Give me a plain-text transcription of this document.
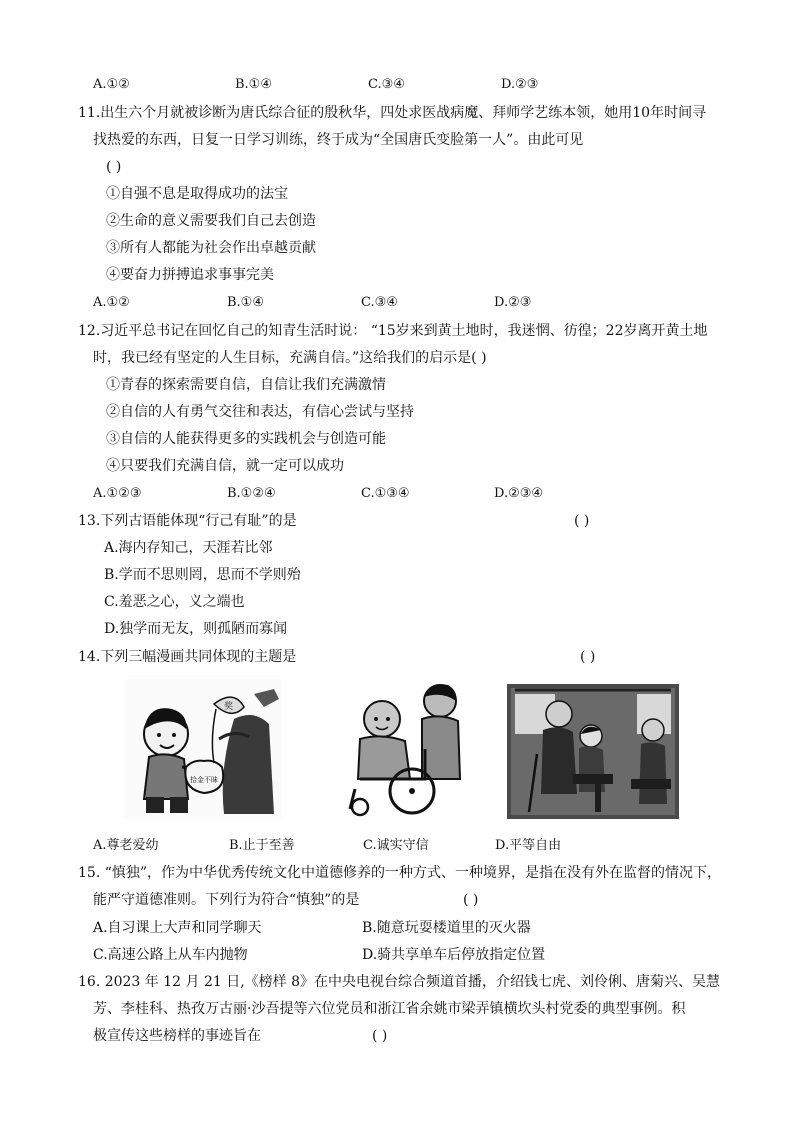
A.①②	B.①④	C.③④	D.②③
11.出生六个月就被诊断为唐氏综合征的殷秋华，四处求医战病魔、拜师学艺练本领，她用10年时间寻
找热爱的东西，日复一日学习训练，终于成为“全国唐氏变脸第一人”。由此可见
( )
①自强不息是取得成功的法宝
②生命的意义需要我们自己去创造
③所有人都能为社会作出卓越贡献
④要奋力拼搏追求事事完美
A.①②	B.①④	C.③④	D.②③
12.习近平总书记在回忆自己的知青生活时说： “15岁来到黄土地时，我迷惘、彷徨；22岁离开黄土地
时，我已经有坚定的人生目标，充满自信。”这给我们的启示是( )
①青春的探索需要自信，自信让我们充满激情
②自信的人有勇气交往和表达，有信心尝试与坚持
③自信的人能获得更多的实践机会与创造可能
④只要我们充满自信，就一定可以成功
A.①②③	B.①②④	C.①③④	D.②③④
13.下列古语能体现“行己有耻”的是	( )
A.海内存知己，天涯若比邻
B.学而不思则罔，思而不学则殆
C.羞恶之心，义之端也
D.独学而无友，则孤陋而寡闻
14.下列三幅漫画共同体现的主题是	( )
拾金不昧
奖
A.尊老爱幼	B.止于至善	C.诚实守信	D.平等自由
15. “慎独”，作为中华优秀传统文化中道德修养的一种方式、一种境界，是指在没有外在监督的情况下，
能严守道德准则。下列行为符合“慎独”的是	( )
A.自习课上大声和同学聊天	B.随意玩耍楼道里的灭火器
C.高速公路上从车内抛物	D.骑共享单车后停放指定位置
16. 2023 年 12 月 21 日,《榜样 8》在中央电视台综合频道首播，介绍钱七虎、刘伶俐、唐菊兴、吴慧
芳、李桂科、热孜万古丽·沙吾提等六位党员和浙江省余姚市梁弄镇横坎头村党委的典型事例。积
极宣传这些榜样的事迹旨在	( )
